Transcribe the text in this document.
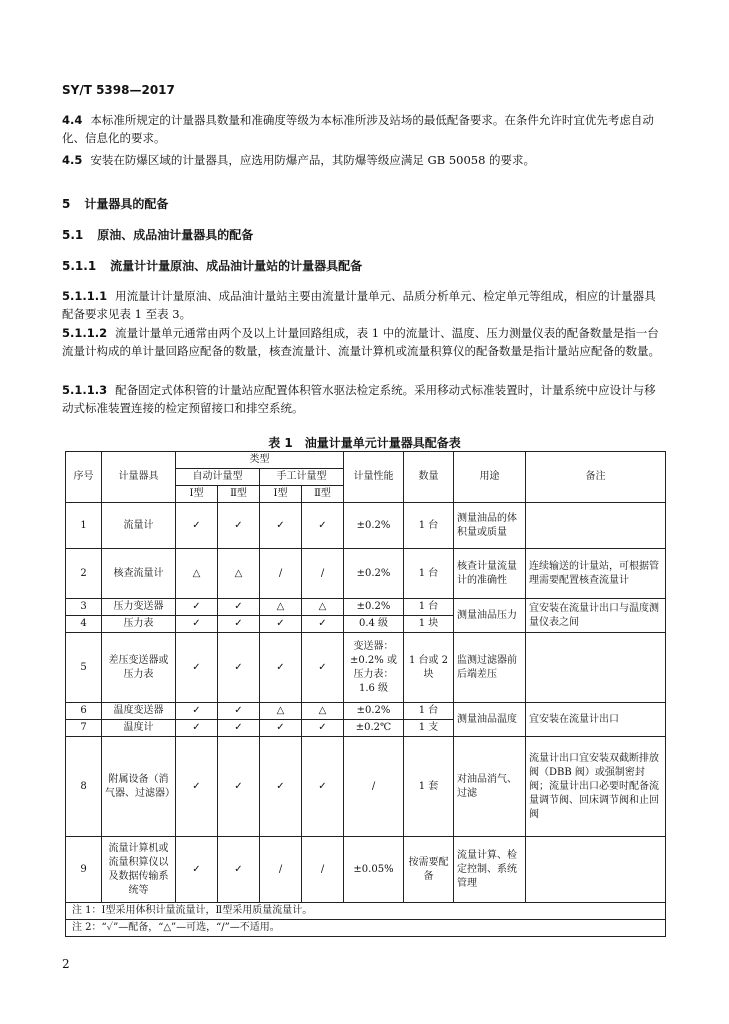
SY/T 5398—2017
4.4 本标准所规定的计量器具数量和准确度等级为本标准所涉及站场的最低配备要求。在条件允许时宜优先考虑自动化、信息化的要求。
4.5 安装在防爆区域的计量器具，应选用防爆产品，其防爆等级应满足 GB 50058 的要求。
5 计量器具的配备
5.1 原油、成品油计量器具的配备
5.1.1 流量计计量原油、成品油计量站的计量器具配备
5.1.1.1 用流量计计量原油、成品油计量站主要由流量计量单元、品质分析单元、检定单元等组成，相应的计量器具配备要求见表 1 至表 3。
5.1.1.2 流量计量单元通常由两个及以上计量回路组成，表 1 中的流量计、温度、压力测量仪表的配备数量是指一台流量计构成的单计量回路应配备的数量，核查流量计、流量计算机或流量积算仪的配备数量是指计量站应配备的数量。
5.1.1.3 配备固定式体积管的计量站应配置体积管水驱法检定系统。采用移动式标准装置时，计量系统中应设计与移动式标准装置连接的检定预留接口和排空系统。
表 1　油量计量单元计量器具配备表
序号	计量器具	类型				计量性能	数量	用途	备注
		自动计量型		手工计量型					
		Ⅰ型	Ⅱ型	Ⅰ型	Ⅱ型				
1	流量计	✓	✓	✓	✓	±0.2%	1 台	测量油品的体积量或质量	
2	核查流量计	△	△	/	/	±0.2%	1 台	核查计量流量计的准确性	连续输送的计量站，可根据管理需要配置核查流量计
3	压力变送器	✓	✓	△	△	±0.2%	1 台	测量油品压力	宜安装在流量计出口与温度测量仪表之间
4	压力表	✓	✓	✓	✓	0.4 级	1 块		
5	差压变送器或压力表	✓	✓	✓	✓	变送器：±0.2% 或压力表：1.6 级	1 台或 2 块	监测过滤器前后端差压	
6	温度变送器	✓	✓	△	△	±0.2%	1 台	测量油品温度	宜安装在流量计出口
7	温度计	✓	✓	✓	✓	±0.2℃	1 支		
8	附属设备（消气器、过滤器）	✓	✓	✓	✓	/	1 套	对油品消气、过滤	流量计出口宜安装双截断排放阀（DBB 阀）或强制密封阀；流量计出口必要时配备流量调节阀、回床调节阀和止回阀
9	流量计算机或流量积算仪以及数据传输系统等	✓	✓	/	/	±0.05%	按需要配备	流量计算、检定控制、系统管理	
注 1：Ⅰ型采用体积计量流量计，Ⅱ型采用质量流量计。									
注 2：“✓”—配备，“△”—可选，“/”—不适用。									
2
